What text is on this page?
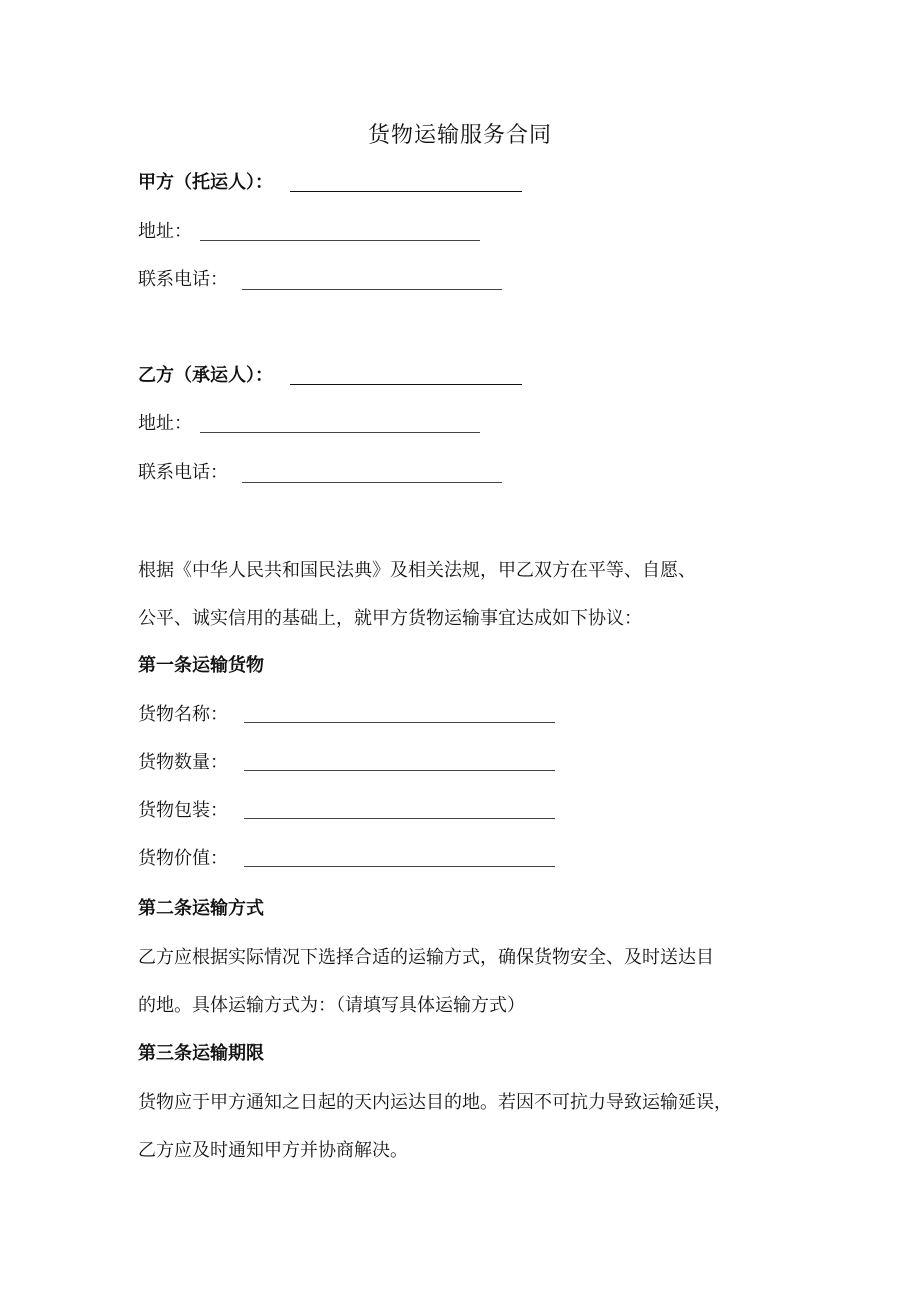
货物运输服务合同
甲方（托运人）：
地址：
联系电话：
乙方（承运人）：
地址：
联系电话：
根据《中华人民共和国民法典》及相关法规，甲乙双方在平等、自愿、
公平、诚实信用的基础上，就甲方货物运输事宜达成如下协议：
第一条运输货物
货物名称：
货物数量：
货物包装：
货物价值：
第二条运输方式
乙方应根据实际情况下选择合适的运输方式，确保货物安全、及时送达目
的地。具体运输方式为：（请填写具体运输方式）
第三条运输期限
货物应于甲方通知之日起的天内运达目的地。若因不可抗力导致运输延误，
乙方应及时通知甲方并协商解决。
